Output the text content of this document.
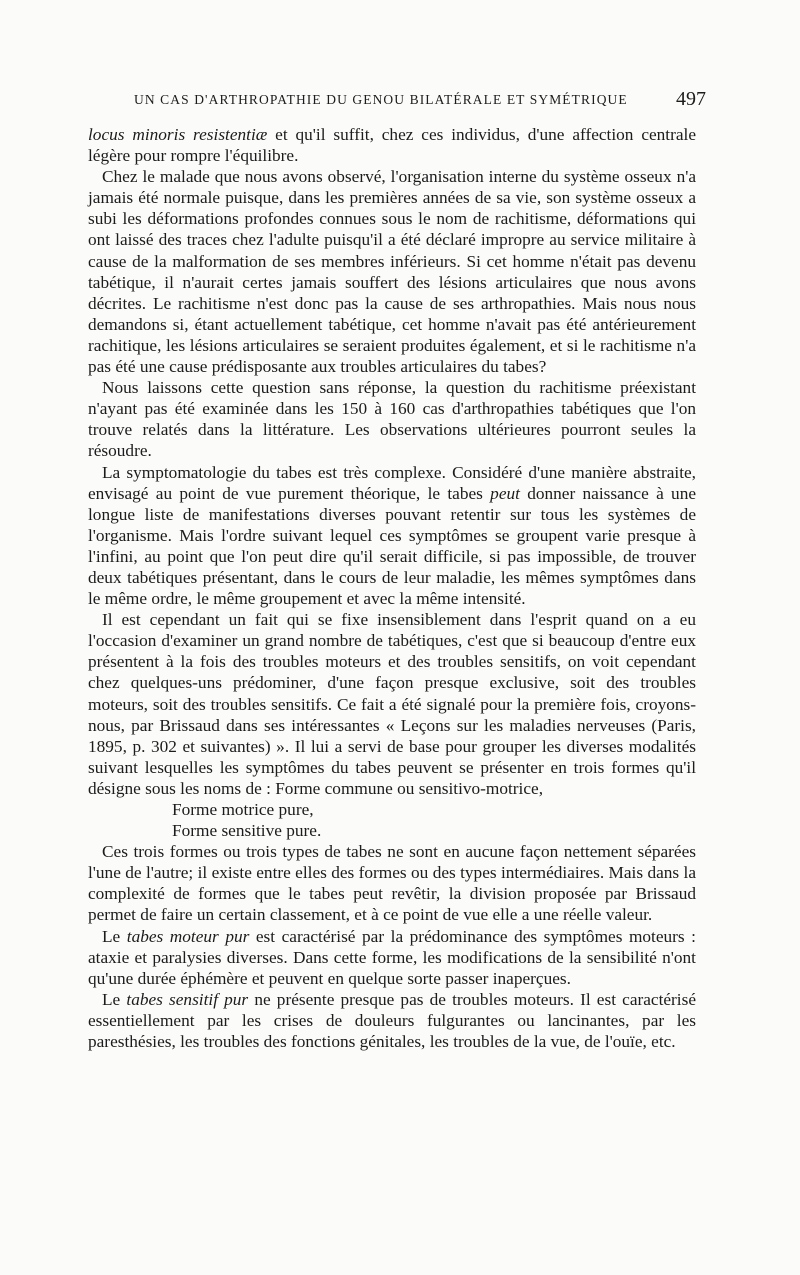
UN CAS D'ARTHROPATHIE DU GENOU BILATÉRALE ET SYMÉTRIQUE 497

locus minoris resistentiæ et qu'il suffit, chez ces individus, d'une affection centrale légère pour rompre l'équilibre.

Chez le malade que nous avons observé, l'organisation interne du système osseux n'a jamais été normale puisque, dans les premières années de sa vie, son système osseux a subi les déformations profondes connues sous le nom de rachitisme, déformations qui ont laissé des traces chez l'adulte puisqu'il a été déclaré impropre au service militaire à cause de la malformation de ses membres inférieurs. Si cet homme n'était pas devenu tabétique, il n'aurait certes jamais souffert des lésions articulaires que nous avons décrites. Le rachitisme n'est donc pas la cause de ses arthropathies. Mais nous nous demandons si, étant actuellement tabétique, cet homme n'avait pas été antérieurement rachitique, les lésions articulaires se seraient produites également, et si le rachitisme n'a pas été une cause prédisposante aux troubles articulaires du tabes?

Nous laissons cette question sans réponse, la question du rachitisme préexistant n'ayant pas été examinée dans les 150 à 160 cas d'arthropathies tabétiques que l'on trouve relatés dans la littérature. Les observations ultérieures pourront seules la résoudre.

La symptomatologie du tabes est très complexe. Considéré d'une manière abstraite, envisagé au point de vue purement théorique, le tabes peut donner naissance à une longue liste de manifestations diverses pouvant retentir sur tous les systèmes de l'organisme. Mais l'ordre suivant lequel ces symptômes se groupent varie presque à l'infini, au point que l'on peut dire qu'il serait difficile, si pas impossible, de trouver deux tabétiques présentant, dans le cours de leur maladie, les mêmes symptômes dans le même ordre, le même groupement et avec la même intensité.

Il est cependant un fait qui se fixe insensiblement dans l'esprit quand on a eu l'occasion d'examiner un grand nombre de tabétiques, c'est que si beaucoup d'entre eux présentent à la fois des troubles moteurs et des troubles sensitifs, on voit cependant chez quelques-uns prédominer, d'une façon presque exclusive, soit des troubles moteurs, soit des troubles sensitifs. Ce fait a été signalé pour la première fois, croyons-nous, par Brissaud dans ses intéressantes « Leçons sur les maladies nerveuses (Paris, 1895, p. 302 et suivantes) ». Il lui a servi de base pour grouper les diverses modalités suivant lesquelles les symptômes du tabes peuvent se présenter en trois formes qu'il désigne sous les noms de : Forme commune ou sensitivo-motrice,

Forme motrice pure,
Forme sensitive pure.

Ces trois formes ou trois types de tabes ne sont en aucune façon nettement séparées l'une de l'autre; il existe entre elles des formes ou des types intermédiaires. Mais dans la complexité de formes que le tabes peut revêtir, la division proposée par Brissaud permet de faire un certain classement, et à ce point de vue elle a une réelle valeur.

Le tabes moteur pur est caractérisé par la prédominance des symptômes moteurs : ataxie et paralysies diverses. Dans cette forme, les modifications de la sensibilité n'ont qu'une durée éphémère et peuvent en quelque sorte passer inaperçues.

Le tabes sensitif pur ne présente presque pas de troubles moteurs. Il est caractérisé essentiellement par les crises de douleurs fulgurantes ou lancinantes, par les paresthésies, les troubles des fonctions génitales, les troubles de la vue, de l'ouïe, etc.
